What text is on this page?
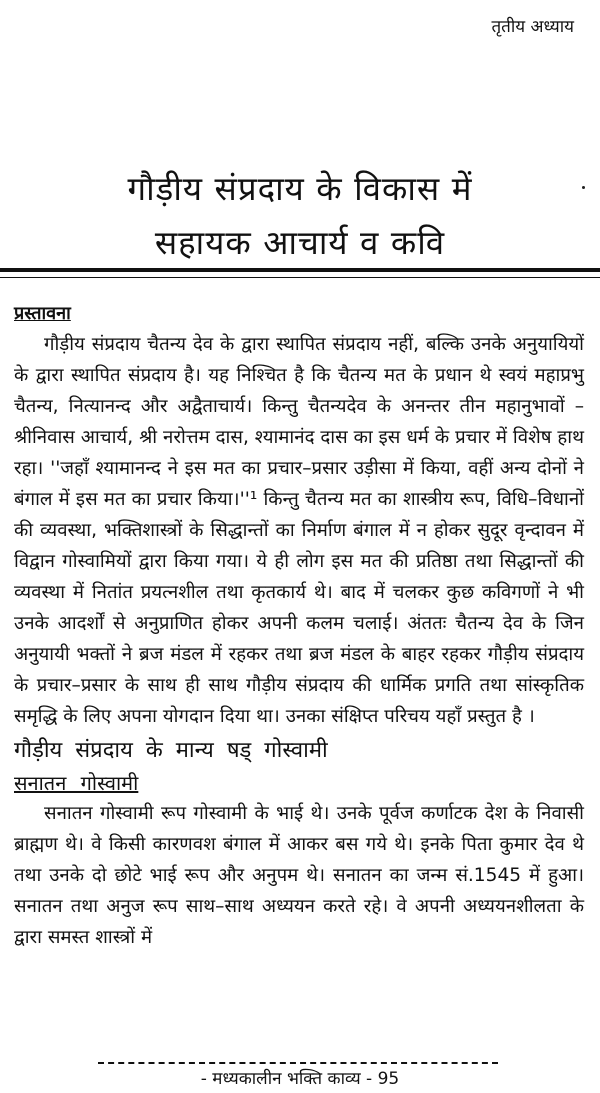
तृतीय अध्याय
गौड़ीय संप्रदाय के विकास में
सहायक आचार्य व कवि
प्रस्तावना

गौड़ीय संप्रदाय चैतन्य देव के द्वारा स्थापित संप्रदाय नहीं, बल्कि उनके अनुयायियों के द्वारा स्थापित संप्रदाय है। यह निश्चित है कि चैतन्य मत के प्रधान थे स्वयं महाप्रभु चैतन्य, नित्यानन्द और अद्वैताचार्य। किन्तु चैतन्यदेव के अनन्तर तीन महानुभावों – श्रीनिवास आचार्य, श्री नरोत्तम दास, श्यामानंद दास का इस धर्म के प्रचार में विशेष हाथ रहा। ''जहाँ श्यामानन्द ने इस मत का प्रचार–प्रसार उड़ीसा में किया, वहीं अन्य दोनों ने बंगाल में इस मत का प्रचार किया।''¹ किन्तु चैतन्य मत का शास्त्रीय रूप, विधि–विधानों की व्यवस्था, भक्तिशास्त्रों के सिद्धान्तों का निर्माण बंगाल में न होकर सुदूर वृन्दावन में विद्वान गोस्वामियों द्वारा किया गया। ये ही लोग इस मत की प्रतिष्ठा तथा सिद्धान्तों की व्यवस्था में नितांत प्रयत्नशील तथा कृतकार्य थे। बाद में चलकर कुछ कविगणों ने भी उनके आदर्शों से अनुप्राणित होकर अपनी कलम चलाई। अंततः चैतन्य देव के जिन अनुयायी भक्तों ने ब्रज मंडल में रहकर तथा ब्रज मंडल के बाहर रहकर गौड़ीय संप्रदाय के प्रचार–प्रसार के साथ ही साथ गौड़ीय संप्रदाय की धार्मिक प्रगति तथा सांस्कृतिक समृद्धि के लिए अपना योगदान दिया था। उनका संक्षिप्त परिचय यहाँ प्रस्तुत है ।

गौड़ीय संप्रदाय के मान्य षड् गोस्वामी
सनातन गोस्वामी

सनातन गोस्वामी रूप गोस्वामी के भाई थे। उनके पूर्वज कर्णाटक देश के निवासी ब्राह्मण थे। वे किसी कारणवश बंगाल में आकर बस गये थे। इनके पिता कुमार देव थे तथा उनके दो छोटे भाई रूप और अनुपम थे। सनातन का जन्म सं.1545 में हुआ। सनातन तथा अनुज रूप साथ–साथ अध्ययन करते रहे। वे अपनी अध्ययनशीलता के द्वारा समस्त शास्त्रों में

- मध्यकालीन भक्ति काव्य - 95
